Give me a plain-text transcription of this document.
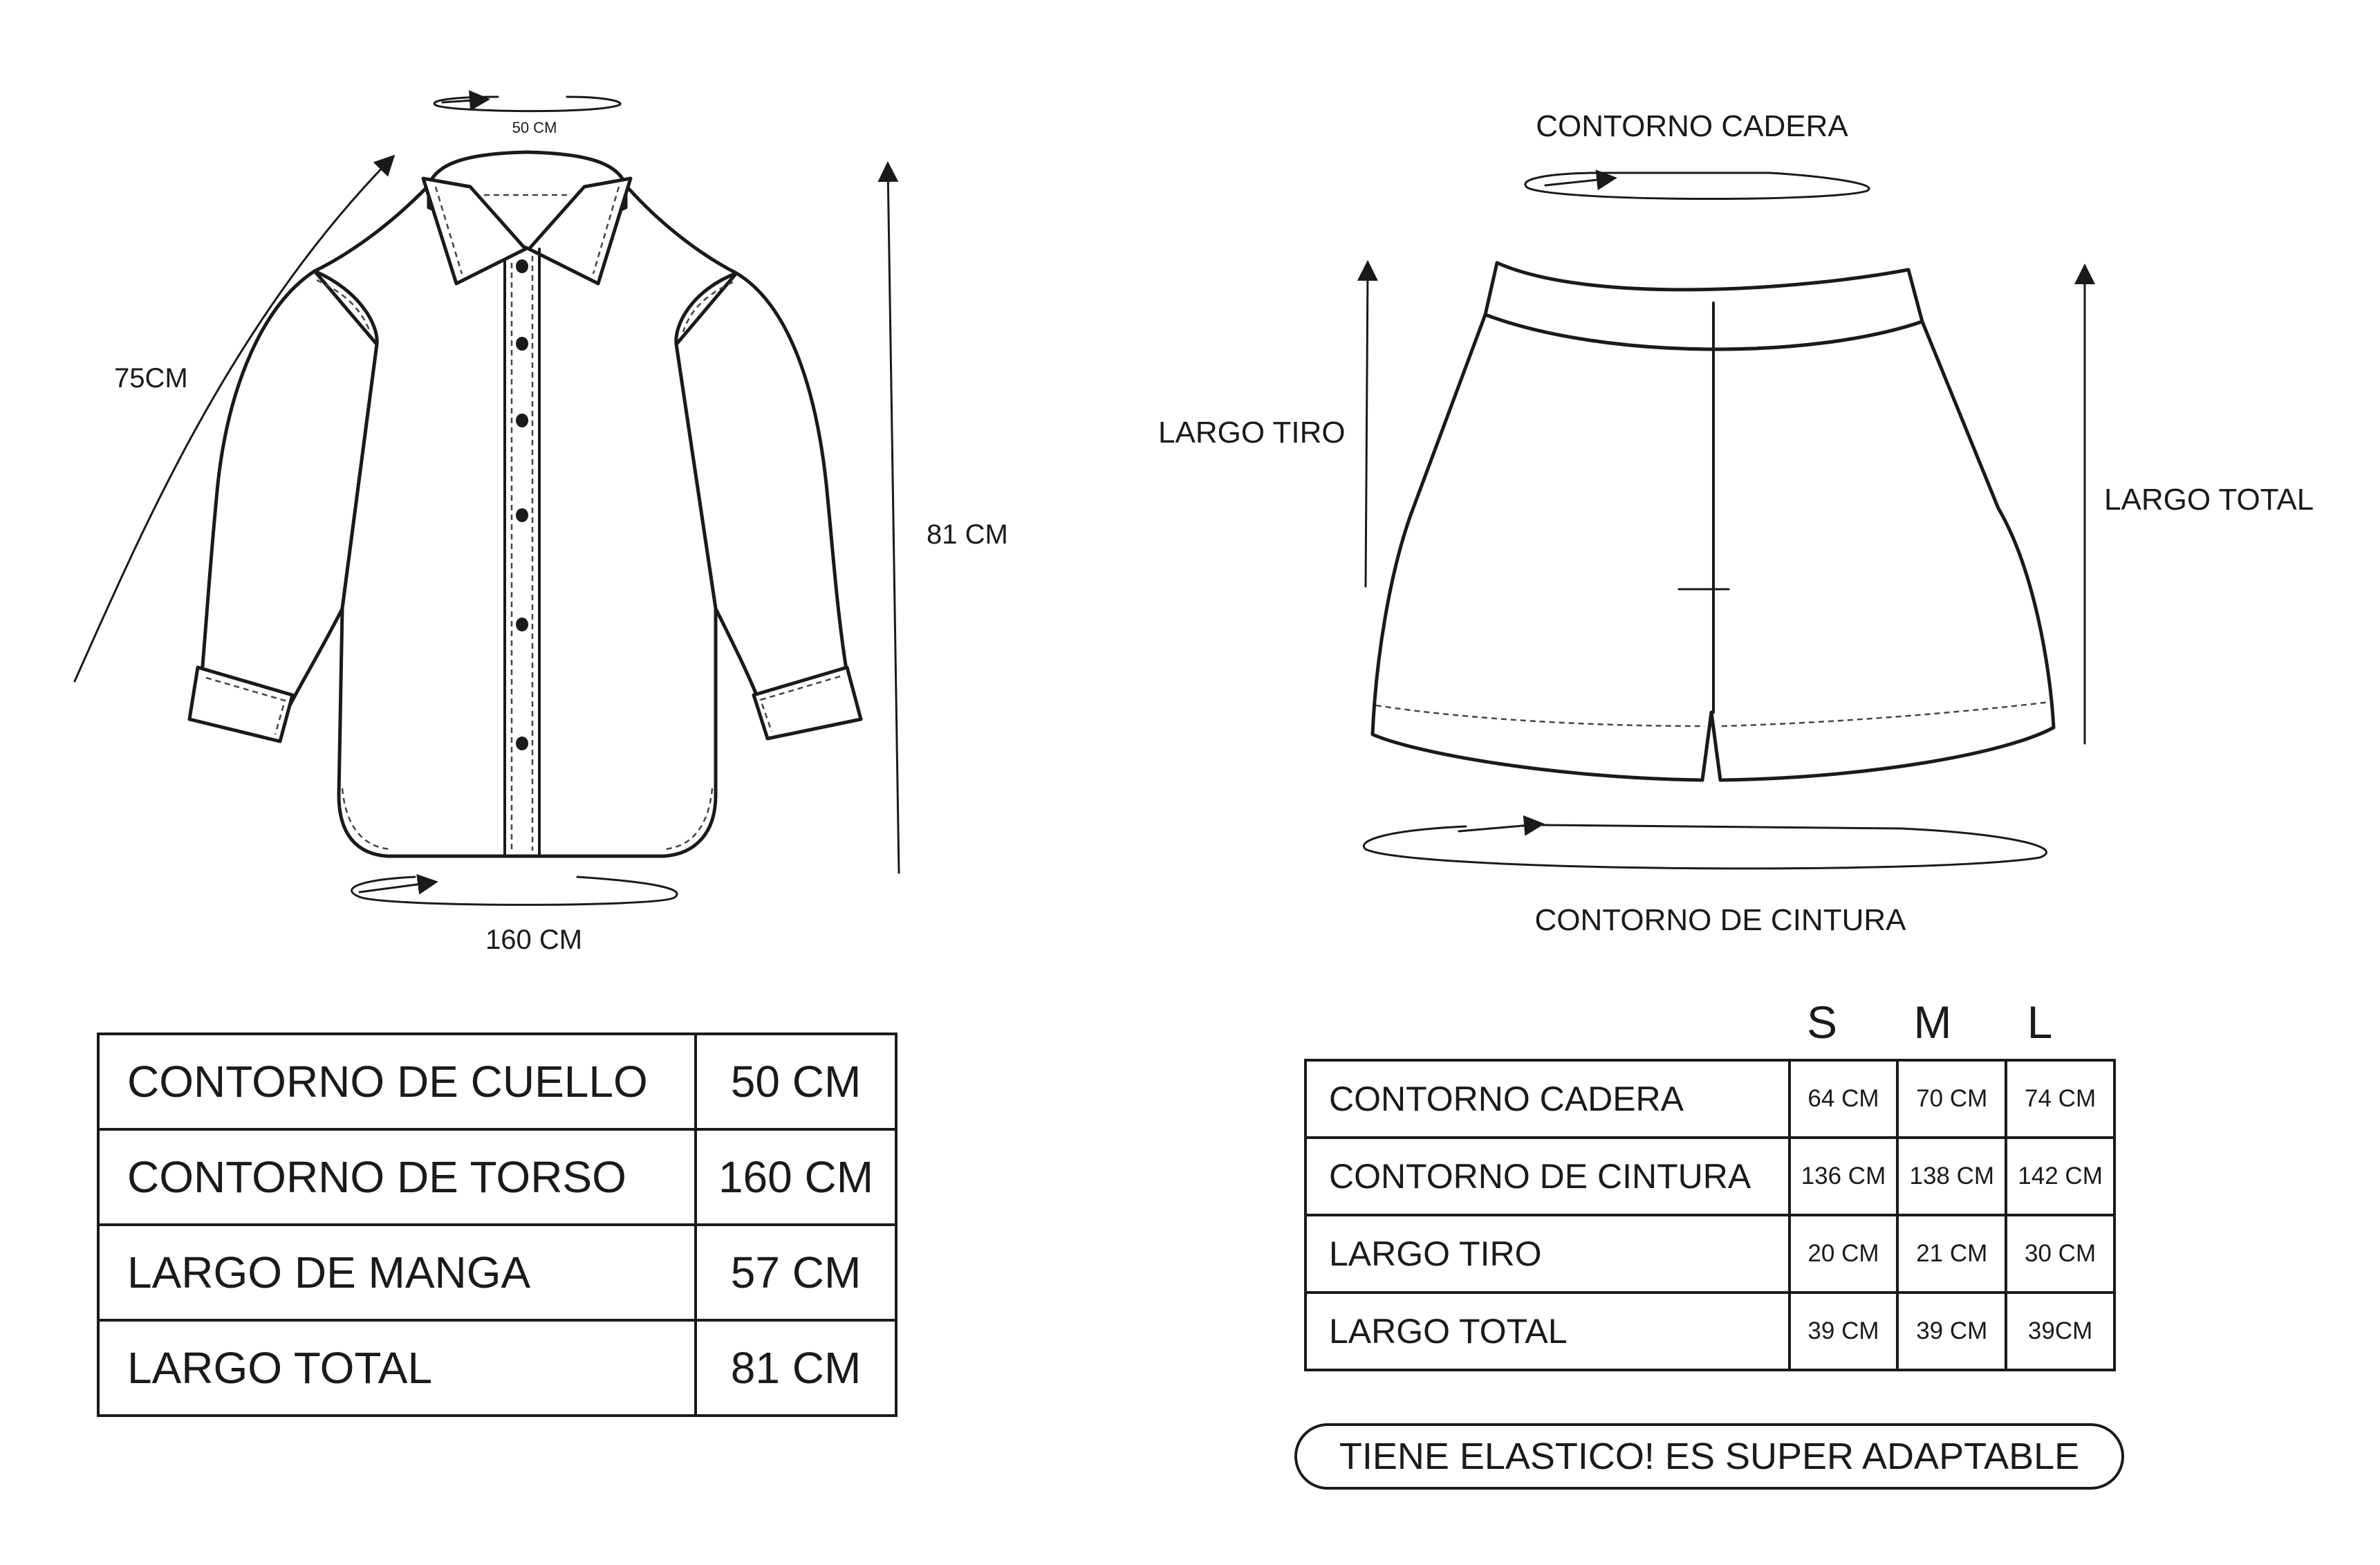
50 CM
75CM
81 CM
160 CM
CONTORNO CADERA
LARGO TIRO
LARGO TOTAL
CONTORNO DE CINTURA
CONTORNO DE CUELLO	50 CM
CONTORNO DE TORSO	160 CM
LARGO DE MANGA	57 CM
LARGO TOTAL	81 CM
S	M	L
CONTORNO CADERA	64 CM	70 CM	74 CM
CONTORNO DE CINTURA	136 CM	138 CM	142 CM
LARGO TIRO	20 CM	21 CM	30 CM
LARGO TOTAL	39 CM	39 CM	39CM
TIENE ELASTICO! ES SUPER ADAPTABLE
